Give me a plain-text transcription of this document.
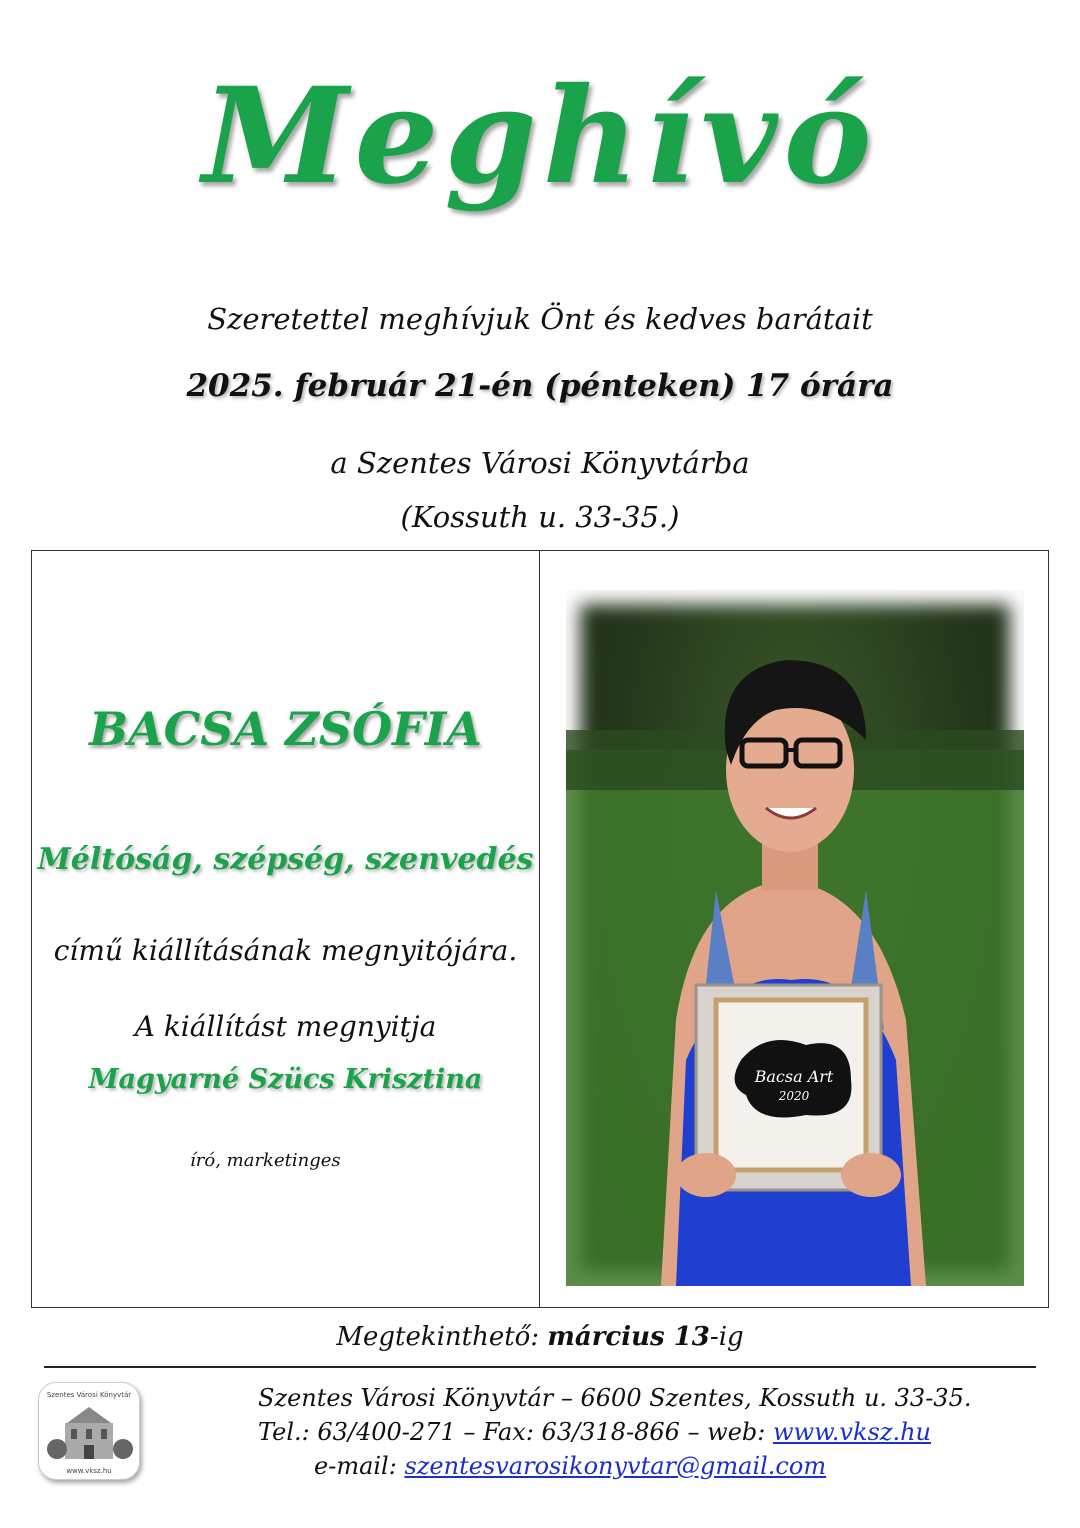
Meghívó
Szeretettel meghívjuk Önt és kedves barátait
2025. február 21-én (pénteken) 17 órára
a Szentes Városi Könyvtárba
(Kossuth u. 33-35.)
BACSA ZSÓFIA
Méltóság, szépség, szenvedés
című kiállításának megnyitójára.
A kiállítást megnyitja
Magyarné Szücs Krisztina
író, marketinges
Bacsa Art
2020
Megtekinthető: március 13-ig
Szentes Városi Könyvtár
www.vksz.hu
Szentes Városi Könyvtár – 6600 Szentes, Kossuth u. 33-35.
Tel.: 63/400-271 – Fax: 63/318-866 – web: www.vksz.hu
e-mail: szentesvarosikonyvtar@gmail.com
